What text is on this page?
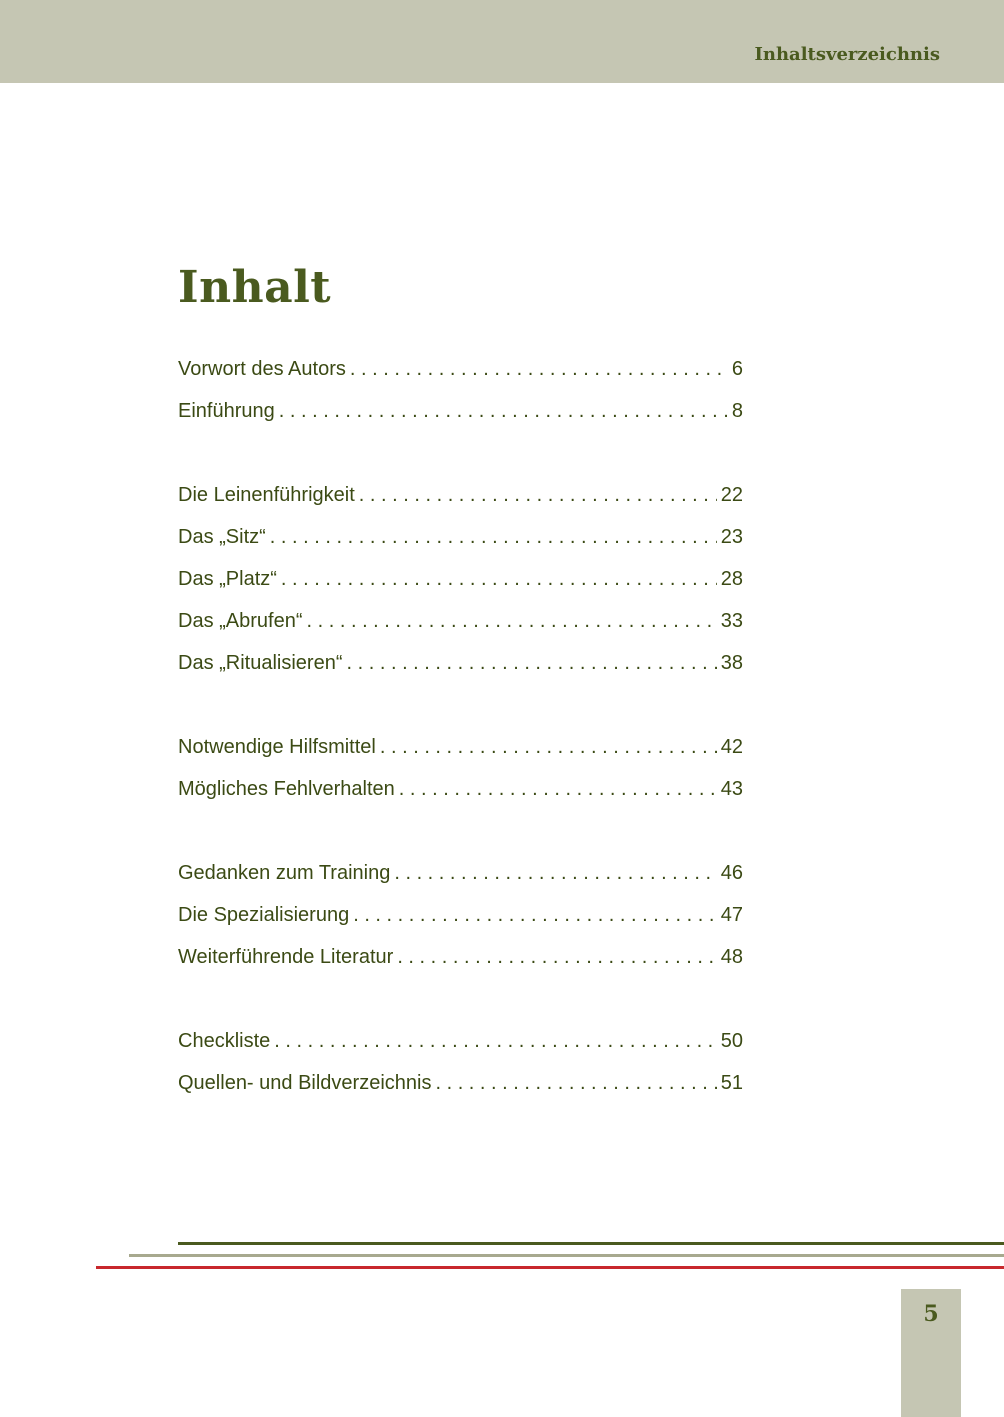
Inhaltsverzeichnis
Inhalt
Vorwort des Autors . . .	6
Einführung . . .	8
Die Leinenführigkeit . . .	22
Das „Sitz“ . . .	23
Das „Platz“ . . .	28
Das „Abrufen“ . . .	33
Das „Ritualisieren“ . . .	38
Notwendige Hilfsmittel . . .	42
Mögliches Fehlverhalten . . .	43
Gedanken zum Training . . .	46
Die Spezialisierung . . .	47
Weiterführende Literatur . . .	48
Checkliste . . .	50
Quellen- und Bildverzeichnis . . .	51
5
